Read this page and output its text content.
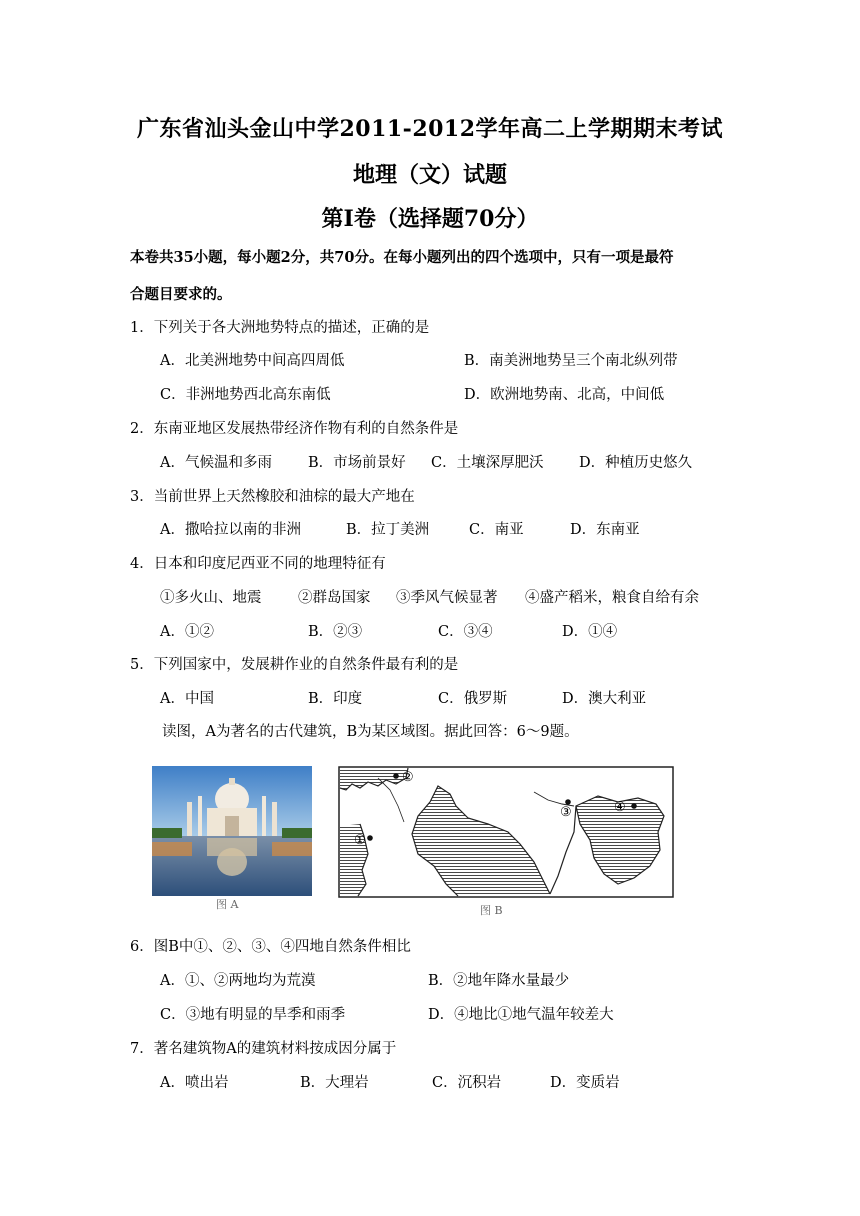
广东省汕头金山中学2011-2012学年高二上学期期末考试
地理（文）试题
第Ⅰ卷（选择题70分）
本卷共35小题，每小题2分，共70分。在每小题列出的四个选项中，只有一项是最符
合题目要求的。
1．下列关于各大洲地势特点的描述，正确的是
A．北美洲地势中间高四周低	B．南美洲地势呈三个南北纵列带
C．非洲地势西北高东南低	D．欧洲地势南、北高，中间低
2．东南亚地区发展热带经济作物有利的自然条件是
A．气候温和多雨 B．市场前景好 C．土壤深厚肥沃 D．种植历史悠久
3．当前世界上天然橡胶和油棕的最大产地在
A．撒哈拉以南的非洲	B．拉丁美洲	C．南亚	D．东南亚
4．日本和印度尼西亚不同的地理特征有
①多火山、地震	②群岛国家 ③季风气候显著 ④盛产稻米，粮食自给有余
A．①②	B．②③	C．③④	D．①④
5．下列国家中，发展耕作业的自然条件最有利的是
A．中国	B．印度	C．俄罗斯	D．澳大利亚
读图，A为著名的古代建筑，B为某区域图。据此回答：6～9题。
图 A
②
①
③	④
图 B
6．图B中①、②、③、④四地自然条件相比
A．①、②两地均为荒漠	B．②地年降水量最少
C．③地有明显的旱季和雨季	D．④地比①地气温年较差大
7．著名建筑物A的建筑材料按成因分属于
A．喷出岩	B．大理岩	C．沉积岩	D．变质岩
